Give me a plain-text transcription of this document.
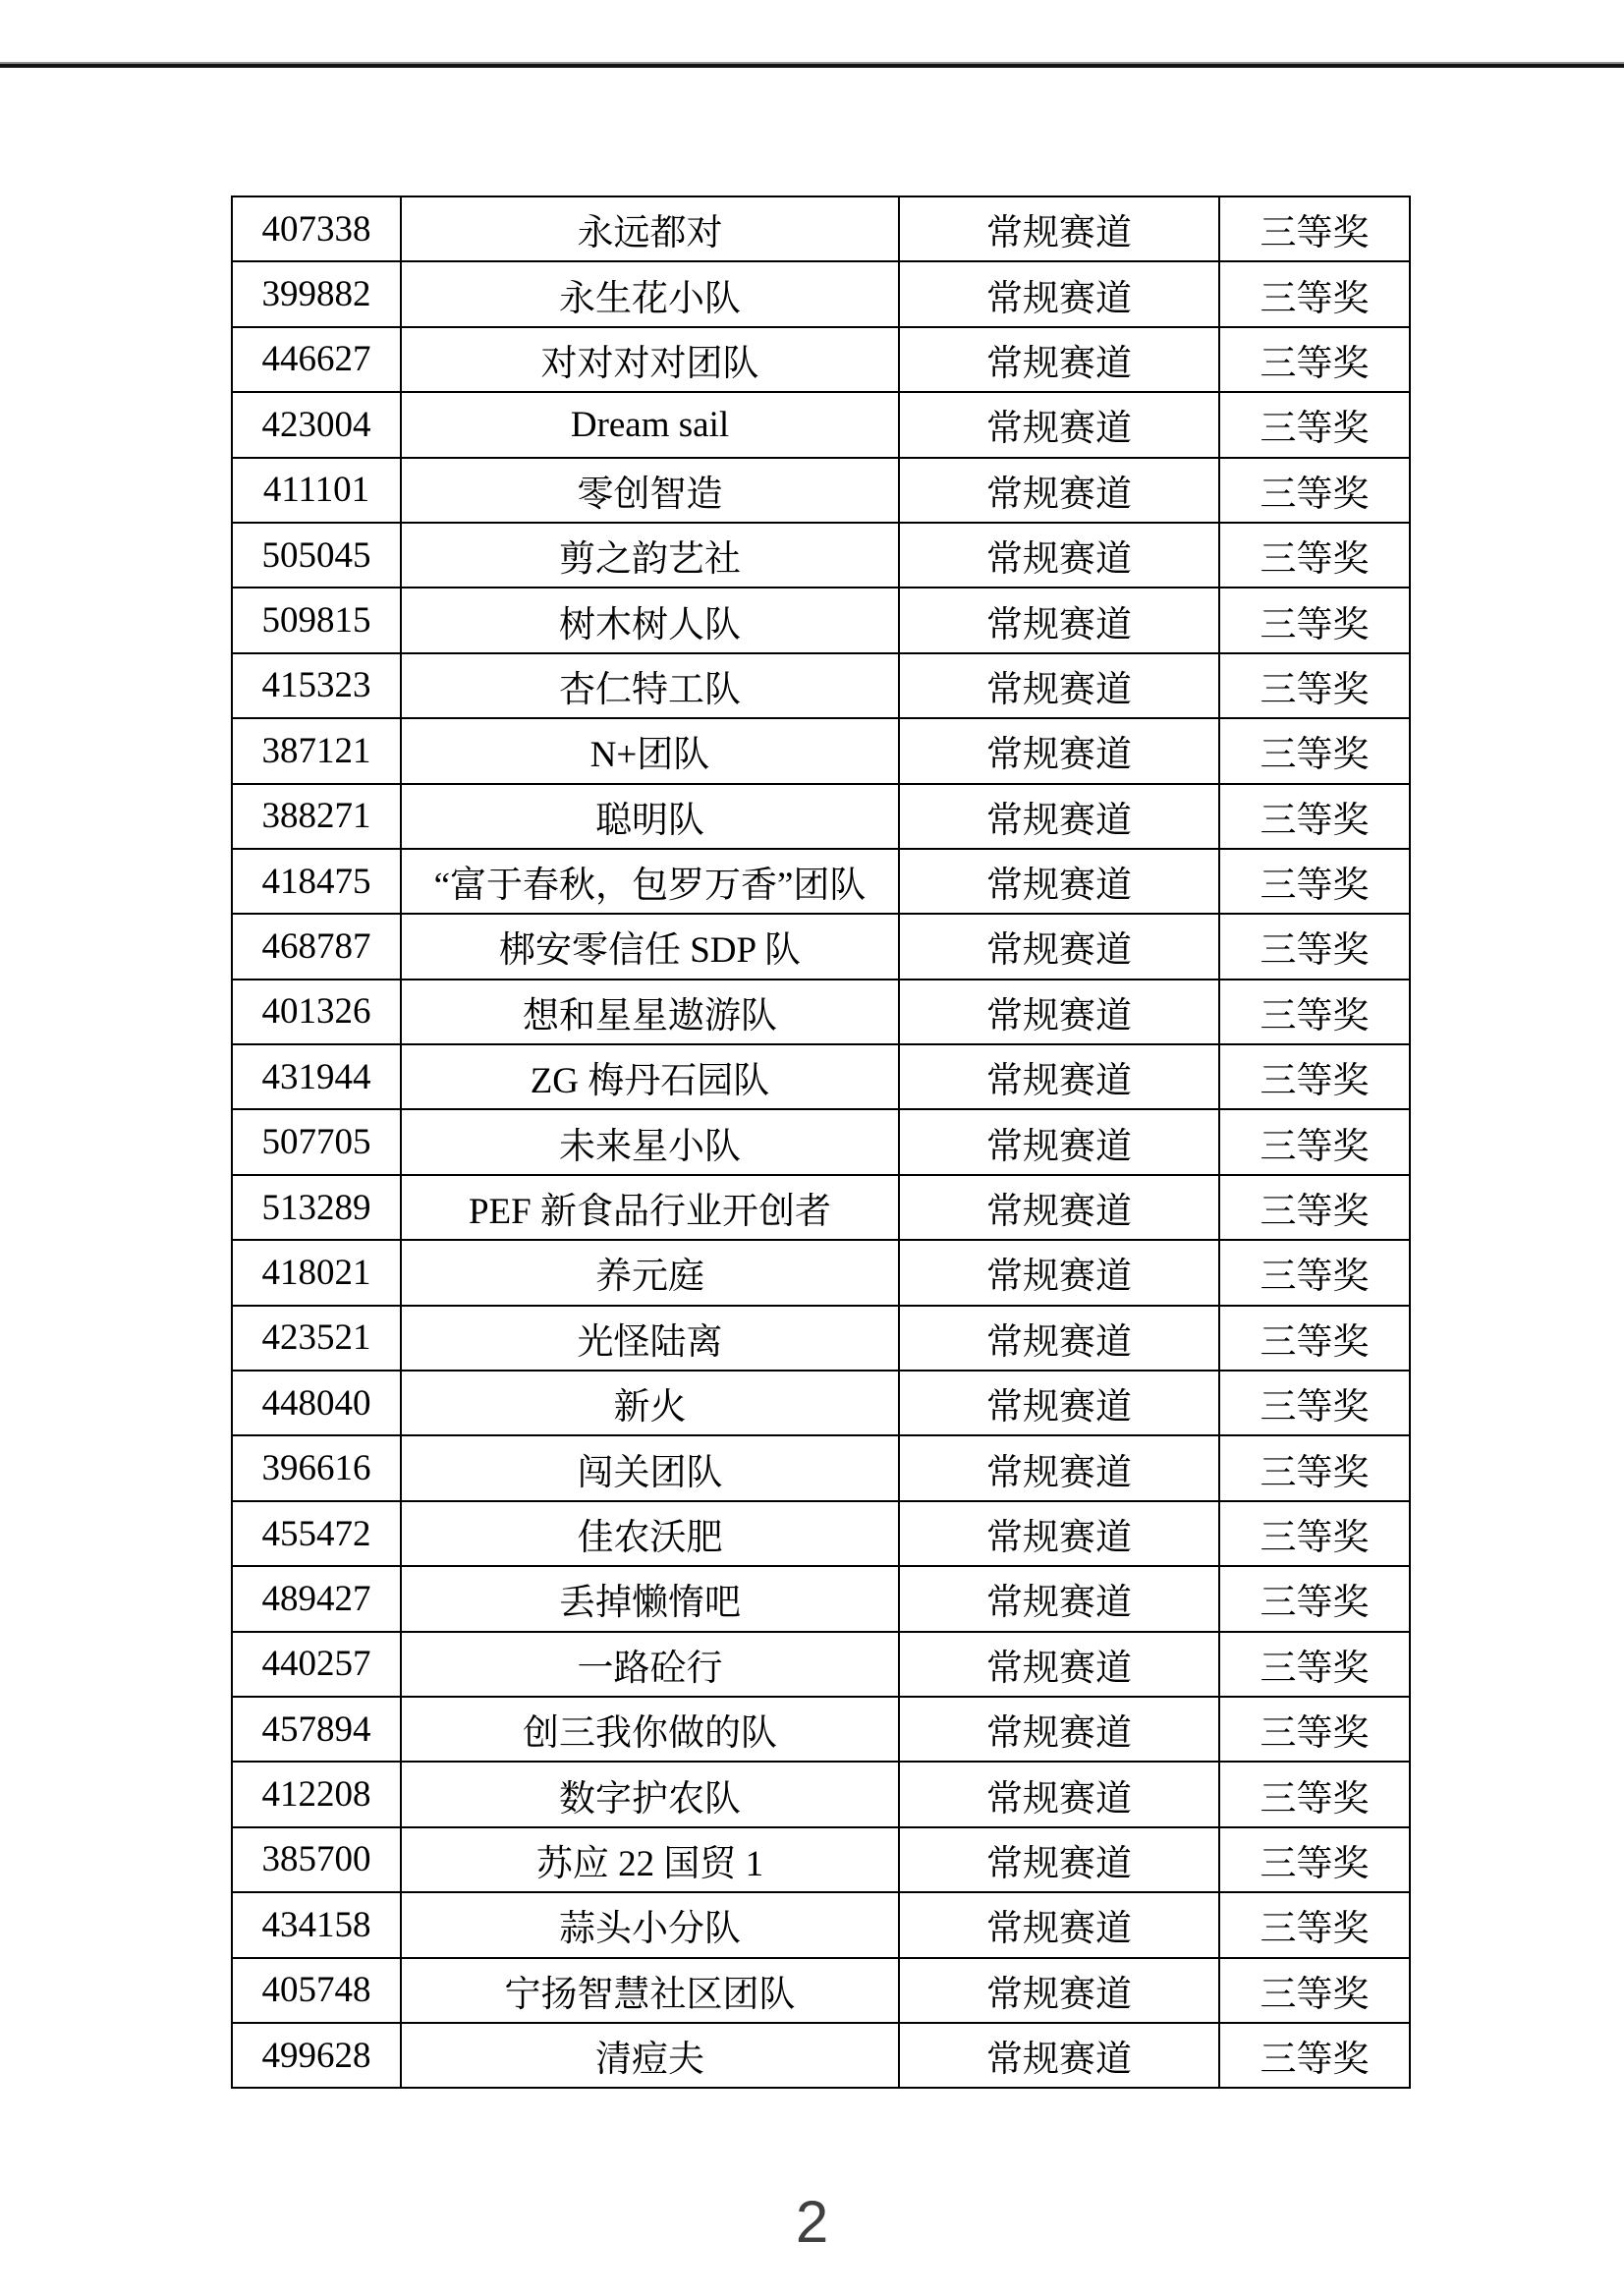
407338	永远都对	常规赛道	三等奖
399882	永生花小队	常规赛道	三等奖
446627	对对对对团队	常规赛道	三等奖
423004	Dream sail	常规赛道	三等奖
411101	零创智造	常规赛道	三等奖
505045	剪之韵艺社	常规赛道	三等奖
509815	树木树人队	常规赛道	三等奖
415323	杏仁特工队	常规赛道	三等奖
387121	N+团队	常规赛道	三等奖
388271	聪明队	常规赛道	三等奖
418475	“富于春秋，包罗万香”团队	常规赛道	三等奖
468787	梆安零信任 SDP 队	常规赛道	三等奖
401326	想和星星遨游队	常规赛道	三等奖
431944	ZG 梅丹石园队	常规赛道	三等奖
507705	未来星小队	常规赛道	三等奖
513289	PEF 新食品行业开创者	常规赛道	三等奖
418021	养元庭	常规赛道	三等奖
423521	光怪陆离	常规赛道	三等奖
448040	新火	常规赛道	三等奖
396616	闯关团队	常规赛道	三等奖
455472	佳农沃肥	常规赛道	三等奖
489427	丢掉懒惰吧	常规赛道	三等奖
440257	一路砼行	常规赛道	三等奖
457894	创三我你做的队	常规赛道	三等奖
412208	数字护农队	常规赛道	三等奖
385700	苏应 22 国贸 1	常规赛道	三等奖
434158	蒜头小分队	常规赛道	三等奖
405748	宁扬智慧社区团队	常规赛道	三等奖
499628	清痘夫	常规赛道	三等奖
2
